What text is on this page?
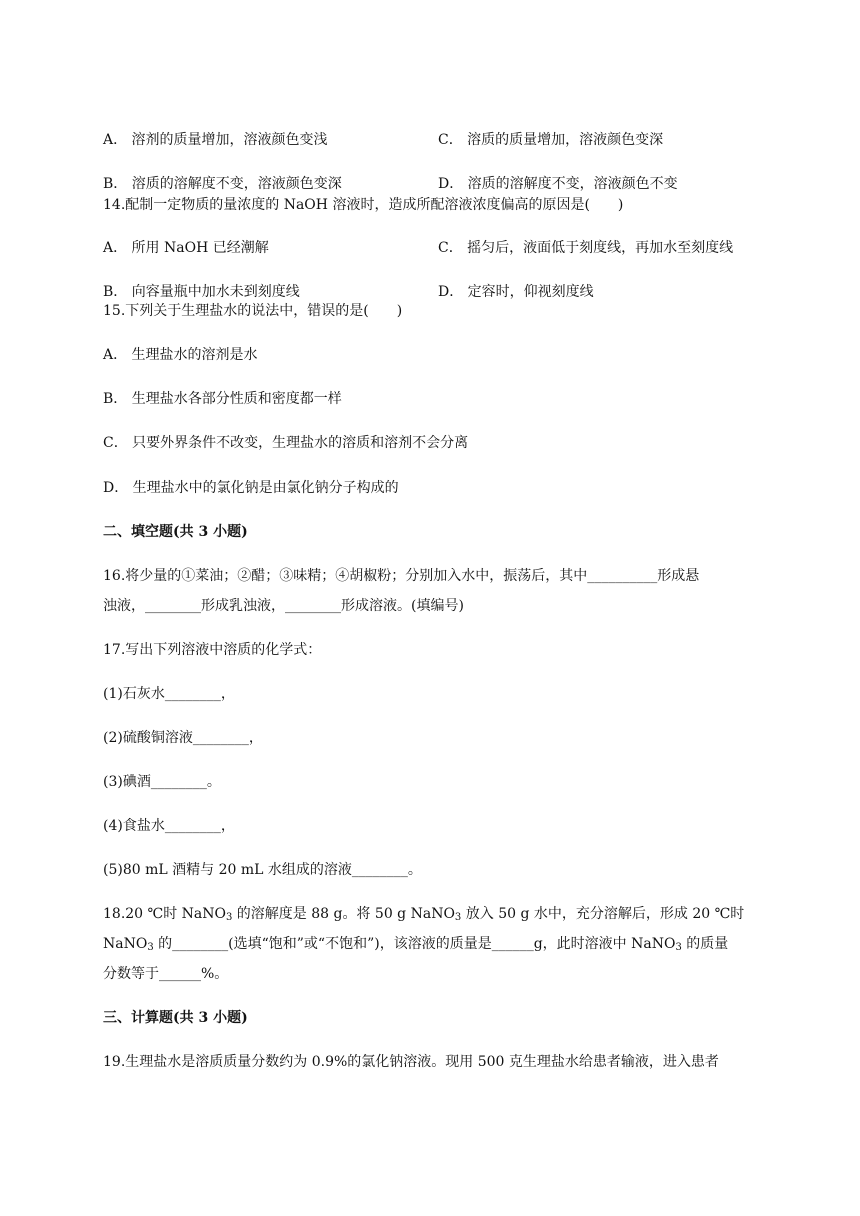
A． 溶剂的质量增加，溶液颜色变浅	C． 溶质的质量增加，溶液颜色变深
B． 溶质的溶解度不变，溶液颜色变深	D． 溶质的溶解度不变，溶液颜色不变
14.配制一定物质的量浓度的 NaOH 溶液时，造成所配溶液浓度偏高的原因是(　　)
A． 所用 NaOH 已经潮解	C． 摇匀后，液面低于刻度线，再加水至刻度线
B． 向容量瓶中加水未到刻度线	D． 定容时，仰视刻度线
15.下列关于生理盐水的说法中，错误的是(　　)
A． 生理盐水的溶剂是水
B． 生理盐水各部分性质和密度都一样
C． 只要外界条件不改变，生理盐水的溶质和溶剂不会分离
D． 生理盐水中的氯化钠是由氯化钠分子构成的
二、填空题(共 3 小题)
16.将少量的①菜油；②醋；③味精；④胡椒粉；分别加入水中，振荡后，其中__________形成悬
浊液，________形成乳浊液，________形成溶液。(填编号)
17.写出下列溶液中溶质的化学式：
(1)石灰水________，
(2)硫酸铜溶液________，
(3)碘酒________。
(4)食盐水________，
(5)80 mL 酒精与 20 mL 水组成的溶液________。
18.20 ℃时 NaNO$_3$ 的溶解度是 88 g。将 50 g NaNO$_3$ 放入 50 g 水中，充分溶解后，形成 20 ℃时
NaNO$_3$ 的________(选填“饱和”或“不饱和”)，该溶液的质量是______g，此时溶液中 NaNO$_3$ 的质量
分数等于______%。
三、计算题(共 3 小题)
19.生理盐水是溶质质量分数约为 0.9%的氯化钠溶液。现用 500 克生理盐水给患者输液，进入患者
